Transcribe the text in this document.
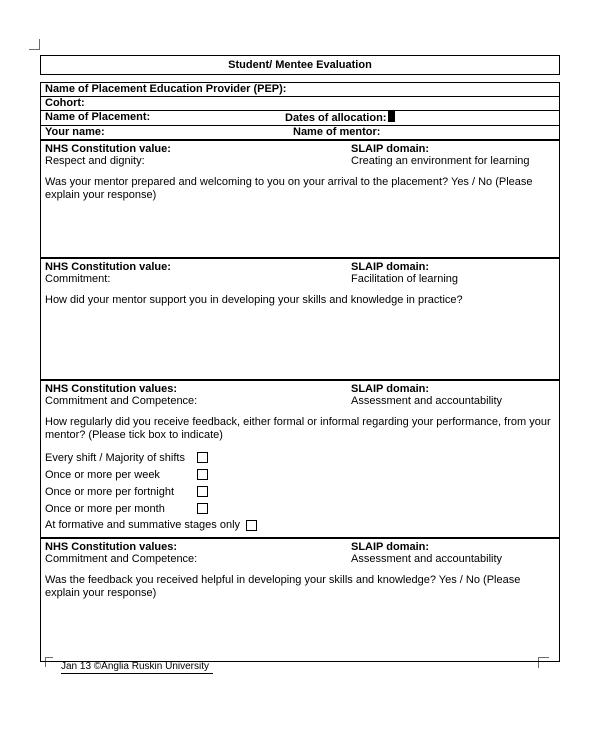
Student/ Mentee Evaluation
Name of Placement Education Provider (PEP):
Cohort:
Name of Placement:	Dates of allocation:
Your name:	Name of mentor:
NHS Constitution value:	SLAIP domain:
Respect and dignity:	Creating an environment for learning

Was your mentor prepared and welcoming to you on your arrival to the placement? Yes / No (Please explain your response)

NHS Constitution value:	SLAIP domain:
Commitment:	Facilitation of learning

How did your mentor support you in developing your skills and knowledge in practice?

NHS Constitution values:	SLAIP domain:
Commitment and Competence:	Assessment and accountability

How regularly did you receive feedback, either formal or informal regarding your performance, from your mentor? (Please tick box to indicate)

Every shift / Majority of shifts
Once or more per week
Once or more per fortnight
Once or more per month
At formative and summative stages only
NHS Constitution values:	SLAIP domain:
Commitment and Competence:	Assessment and accountability

Was the feedback you received helpful in developing your skills and knowledge? Yes / No (Please explain your response)

Jan 13 ©Anglia Ruskin University
